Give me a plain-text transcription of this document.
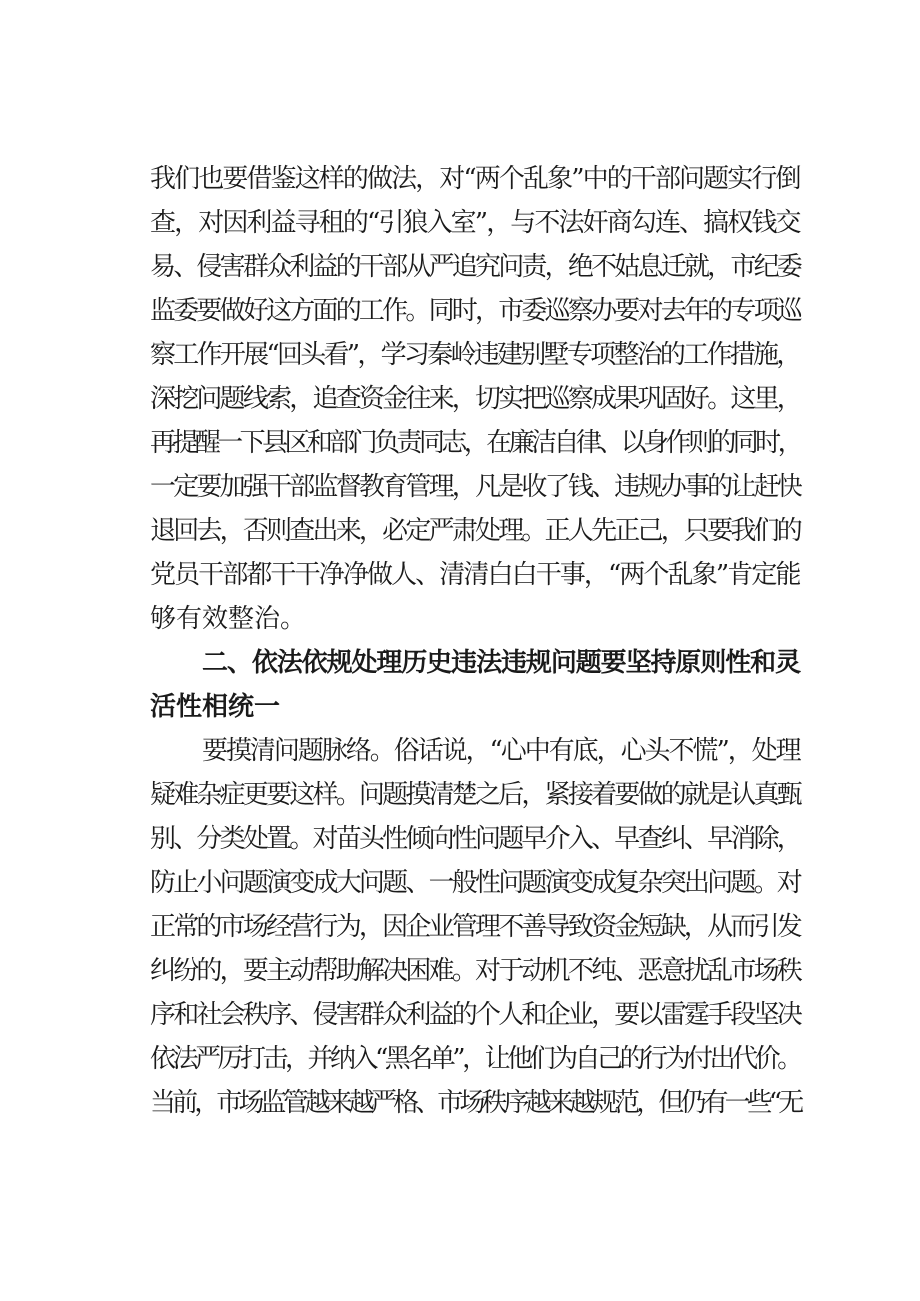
我们也要借鉴这样的做法，对“两个乱象”中的干部问题实行倒
查，对因利益寻租的“引狼入室”，与不法奸商勾连、搞权钱交
易、侵害群众利益的干部从严追究问责，绝不姑息迁就，市纪委
监委要做好这方面的工作。同时，市委巡察办要对去年的专项巡
察工作开展“回头看”，学习秦岭违建别墅专项整治的工作措施，
深挖问题线索，追查资金往来，切实把巡察成果巩固好。这里，
再提醒一下县区和部门负责同志，在廉洁自律、以身作则的同时，
一定要加强干部监督教育管理，凡是收了钱、违规办事的让赶快
退回去，否则查出来，必定严肃处理。正人先正己，只要我们的
党员干部都干干净净做人、清清白白干事，“两个乱象”肯定能
够有效整治。
二、依法依规处理历史违法违规问题要坚持原则性和灵
活性相统一
要摸清问题脉络。俗话说，“心中有底，心头不慌”，处理
疑难杂症更要这样。问题摸清楚之后，紧接着要做的就是认真甄
别、分类处置。对苗头性倾向性问题早介入、早查纠、早消除，
防止小问题演变成大问题、一般性问题演变成复杂突出问题。对
正常的市场经营行为，因企业管理不善导致资金短缺，从而引发
纠纷的，要主动帮助解决困难。对于动机不纯、恶意扰乱市场秩
序和社会秩序、侵害群众利益的个人和企业，要以雷霆手段坚决
依法严厉打击，并纳入“黑名单”，让他们为自己的行为付出代价。
当前，市场监管越来越严格、市场秩序越来越规范，但仍有一些“无
